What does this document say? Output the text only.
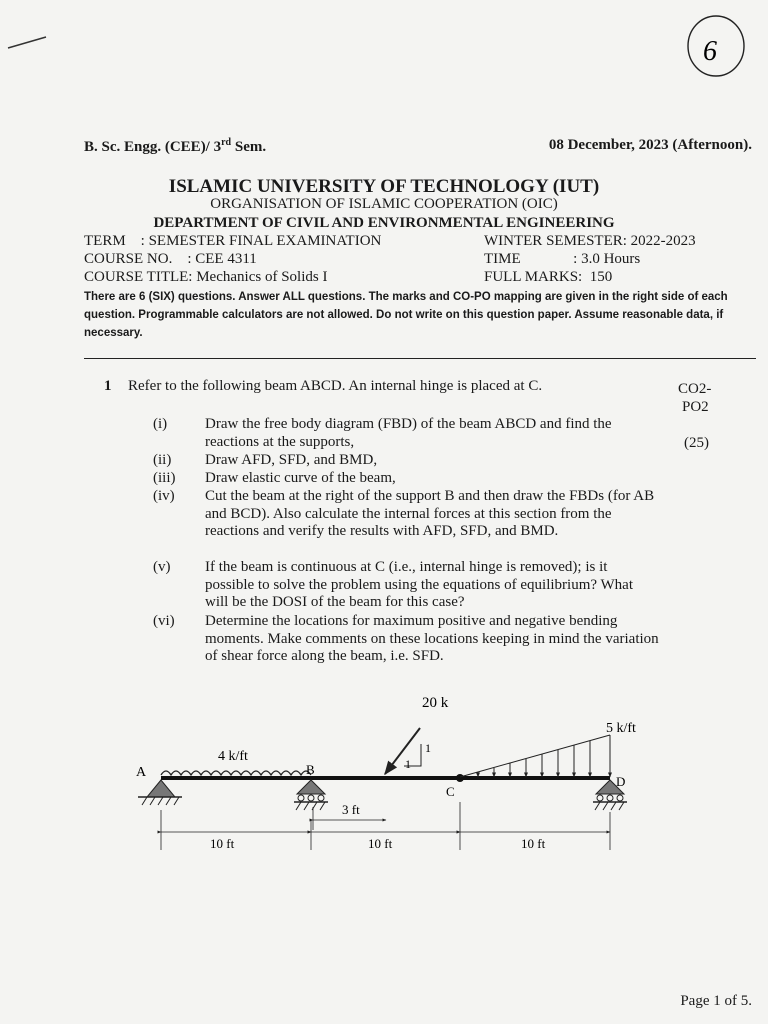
6
B. Sc. Engg. (CEE)/ 3rd Sem.	08 December, 2023 (Afternoon).
ISLAMIC UNIVERSITY OF TECHNOLOGY (IUT)
ORGANISATION OF ISLAMIC COOPERATION (OIC)
DEPARTMENT OF CIVIL AND ENVIRONMENTAL ENGINEERING
TERM    : SEMESTER FINAL EXAMINATION	WINTER SEMESTER: 2022-2023
COURSE NO.    : CEE 4311	TIME              : 3.0 Hours
COURSE TITLE: Mechanics of Solids I	FULL MARKS:  150
There are 6 (SIX) questions. Answer ALL questions. The marks and CO-PO mapping are given in the right side of each question. Programmable calculators are not allowed. Do not write on this question paper. Assume reasonable data, if necessary.
1 Refer to the following beam ABCD. An internal hinge is placed at C.	CO2-
PO2
(25)
(i)	Draw the free body diagram (FBD) of the beam ABCD and find the reactions at the supports,
(ii) Draw AFD, SFD, and BMD,
(iii) Draw elastic curve of the beam,
(iv) Cut the beam at the right of the support B and then draw the FBDs (for AB and BCD). Also calculate the internal forces at this section from the reactions and verify the results with AFD, SFD, and BMD.
(v) If the beam is continuous at C (i.e., internal hinge is removed); is it possible to solve the problem using the equations of equilibrium? What will be the DOSI of the beam for this case?
(vi) Determine the locations for maximum positive and negative bending moments. Make comments on these locations keeping in mind the variation of shear force along the beam, i.e. SFD.
4 k/ft
A	B
20 k
1
1
C
5 k/ft
D
3 ft
10 ft	10 ft	10 ft
Page 1 of 5.
